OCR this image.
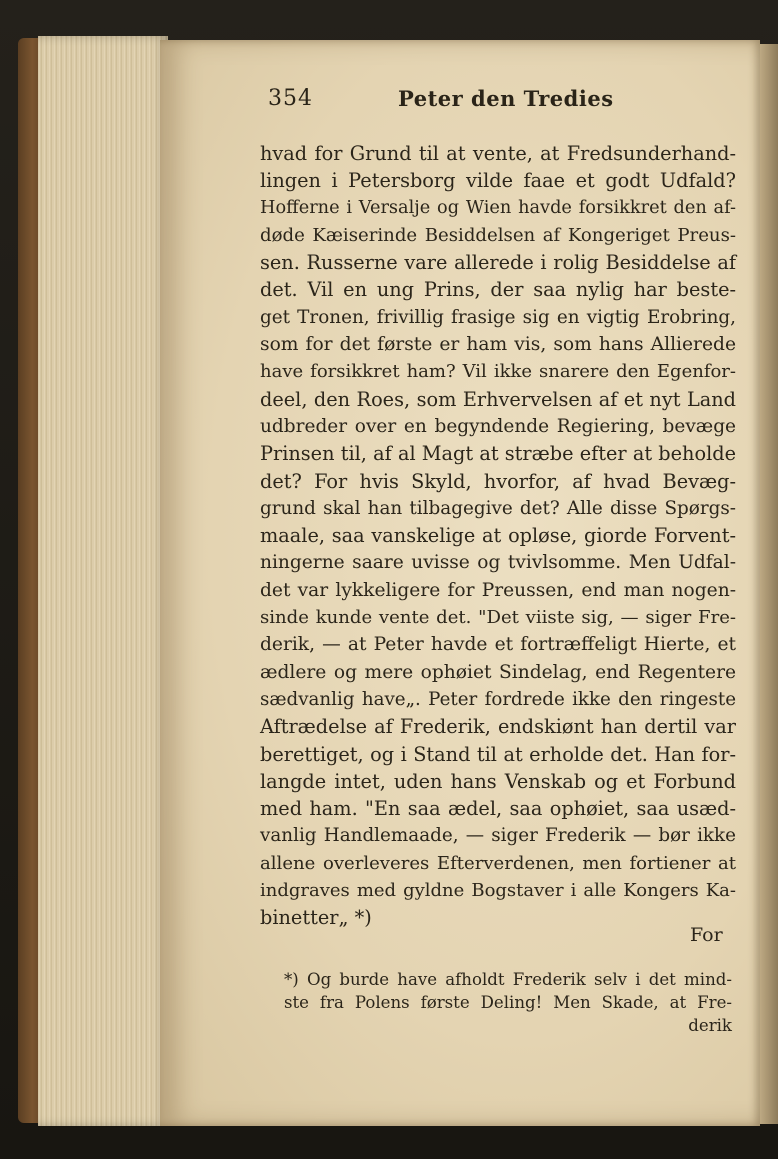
354	Peter den Tredies
hvad for Grund til at vente, at Fredsunderhand-
lingen i Petersborg vilde faae et godt Udfald?
Hofferne i Versalje og Wien havde forsikkret den af-
døde Kæiserinde Besiddelsen af Kongeriget Preus-
sen. Russerne vare allerede i rolig Besiddelse af
det. Vil en ung Prins, der saa nylig har beste-
get Tronen, frivillig frasige sig en vigtig Erobring,
som for det første er ham vis, som hans Allierede
have forsikkret ham? Vil ikke snarere den Egenfor-
deel, den Roes, som Erhvervelsen af et nyt Land
udbreder over en begyndende Regiering, bevæge
Prinsen til, af al Magt at stræbe efter at beholde
det? For hvis Skyld, hvorfor, af hvad Bevæg-
grund skal han tilbagegive det? Alle disse Spørgs-
maale, saa vanskelige at opløse, giorde Forvent-
ningerne saare uvisse og tvivlsomme. Men Udfal-
det var lykkeligere for Preussen, end man nogen-
sinde kunde vente det. "Det viiste sig, — siger Fre-
derik, — at Peter havde et fortræffeligt Hierte, et
ædlere og mere ophøiet Sindelag, end Regentere
sædvanlig have„. Peter fordrede ikke den ringeste
Aftrædelse af Frederik, endskiønt han dertil var
berettiget, og i Stand til at erholde det. Han for-
langde intet, uden hans Venskab og et Forbund
med ham. "En saa ædel, saa ophøiet, saa usæd-
vanlig Handlemaade, — siger Frederik — bør ikke
allene overleveres Efterverdenen, men fortiener at
indgraves med gyldne Bogstaver i alle Kongers Ka-
binetter„ *)
For
*) Og burde have afholdt Frederik selv i det mind-
ste fra Polens første Deling! Men Skade, at Fre-
derik
